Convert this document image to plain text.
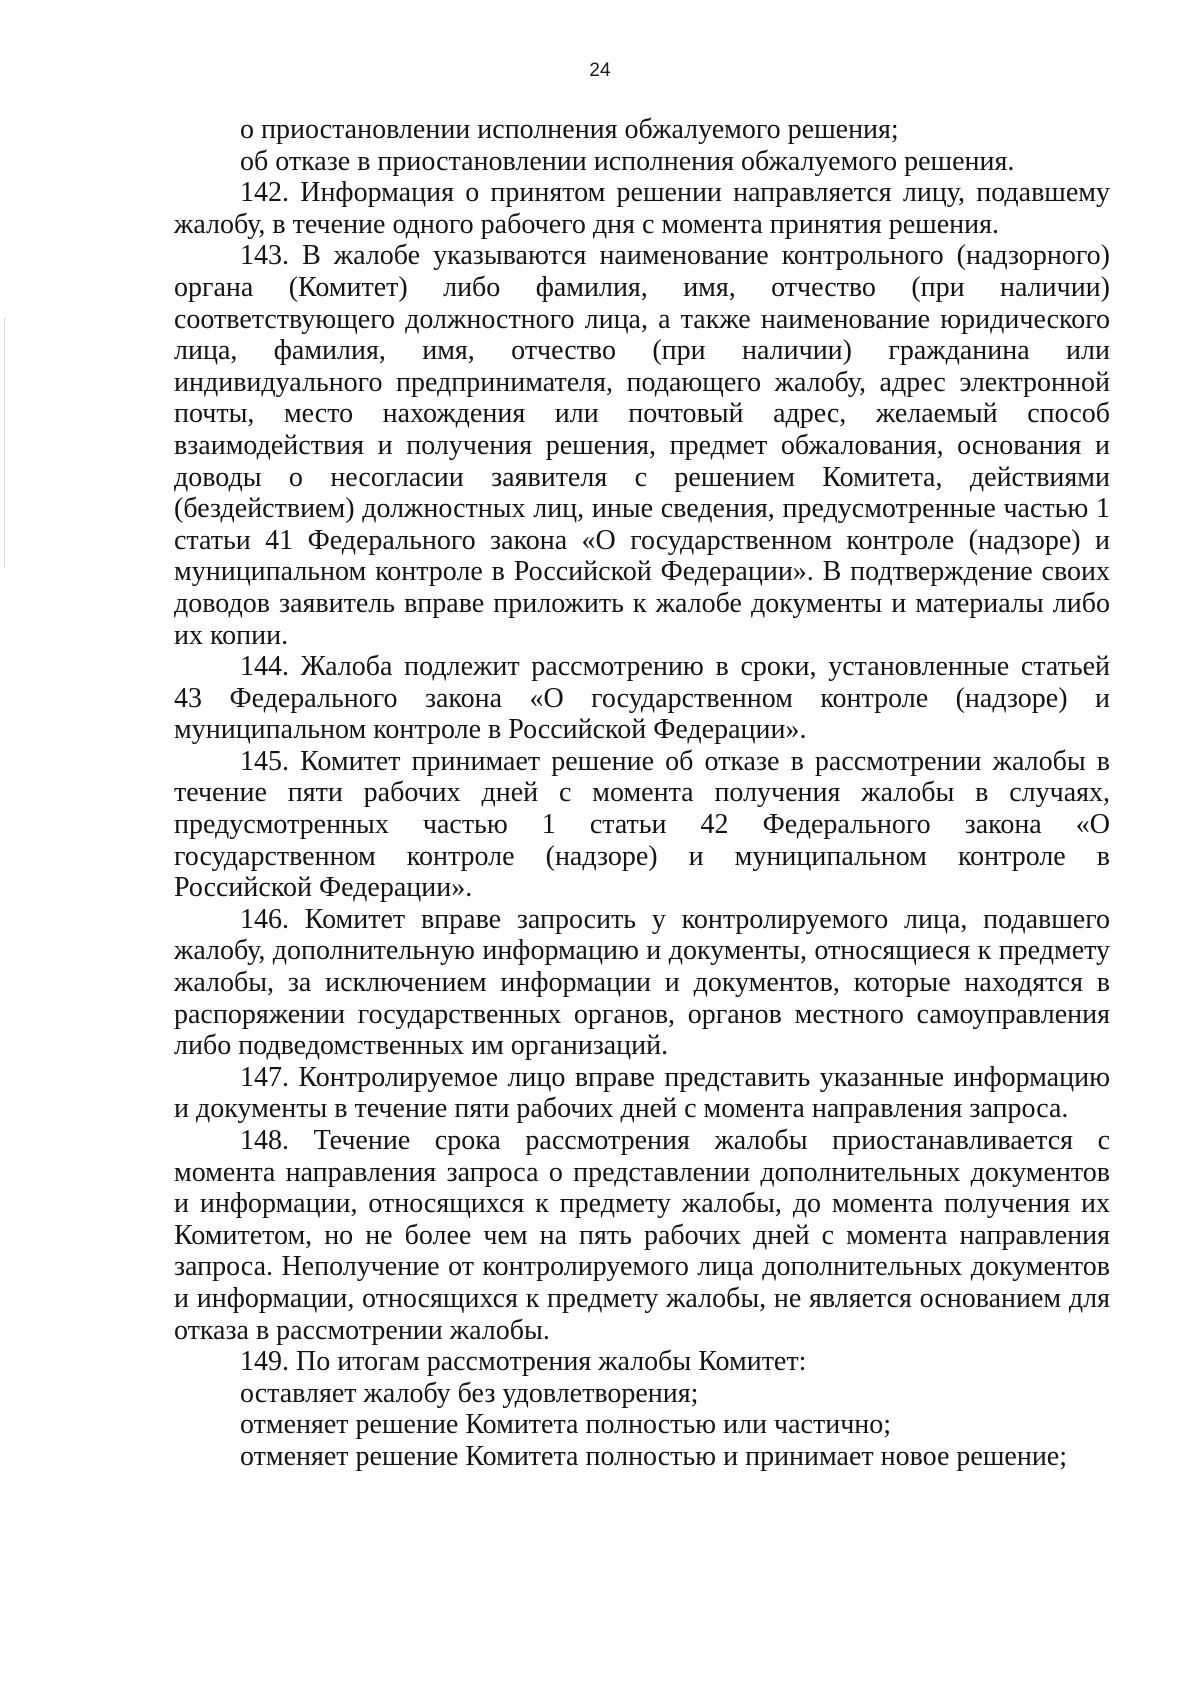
24

о приостановлении исполнения обжалуемого решения;

об отказе в приостановлении исполнения обжалуемого решения.

142. Информация о принятом решении направляется лицу, подавшему жалобу, в течение одного рабочего дня с момента принятия решения.

143. В жалобе указываются наименование контрольного (надзорного) органа (Комитет) либо фамилия, имя, отчество (при наличии) соответствующего должностного лица, а также наименование юридического лица, фамилия, имя, отчество (при наличии) гражданина или индивидуального предпринимателя, подающего жалобу, адрес электронной почты, место нахождения или почтовый адрес, желаемый способ взаимодействия и получения решения, предмет обжалования, основания и доводы о несогласии заявителя с решением Комитета, действиями (бездействием) должностных лиц, иные сведения, предусмотренные частью 1 статьи 41 Федерального закона «О государственном контроле (надзоре) и муниципальном контроле в Российской Федерации». В подтверждение своих доводов заявитель вправе приложить к жалобе документы и материалы либо их копии.

144. Жалоба подлежит рассмотрению в сроки, установленные статьей 43 Федерального закона «О государственном контроле (надзоре) и муниципальном контроле в Российской Федерации».

145. Комитет принимает решение об отказе в рассмотрении жалобы в течение пяти рабочих дней с момента получения жалобы в случаях, предусмотренных частью 1 статьи 42 Федерального закона «О государственном контроле (надзоре) и муниципальном контроле в Российской Федерации».

146. Комитет вправе запросить у контролируемого лица, подавшего жалобу, дополнительную информацию и документы, относящиеся к предмету жалобы, за исключением информации и документов, которые находятся в распоряжении государственных органов, органов местного самоуправления либо подведомственных им организаций.

147. Контролируемое лицо вправе представить указанные информацию и документы в течение пяти рабочих дней с момента направления запроса.

148. Течение срока рассмотрения жалобы приостанавливается с момента направления запроса о представлении дополнительных документов и информации, относящихся к предмету жалобы, до момента получения их Комитетом, но не более чем на пять рабочих дней с момента направления запроса. Неполучение от контролируемого лица дополнительных документов и информации, относящихся к предмету жалобы, не является основанием для отказа в рассмотрении жалобы.

149. По итогам рассмотрения жалобы Комитет:

оставляет жалобу без удовлетворения;

отменяет решение Комитета полностью или частично;

отменяет решение Комитета полностью и принимает новое решение;
